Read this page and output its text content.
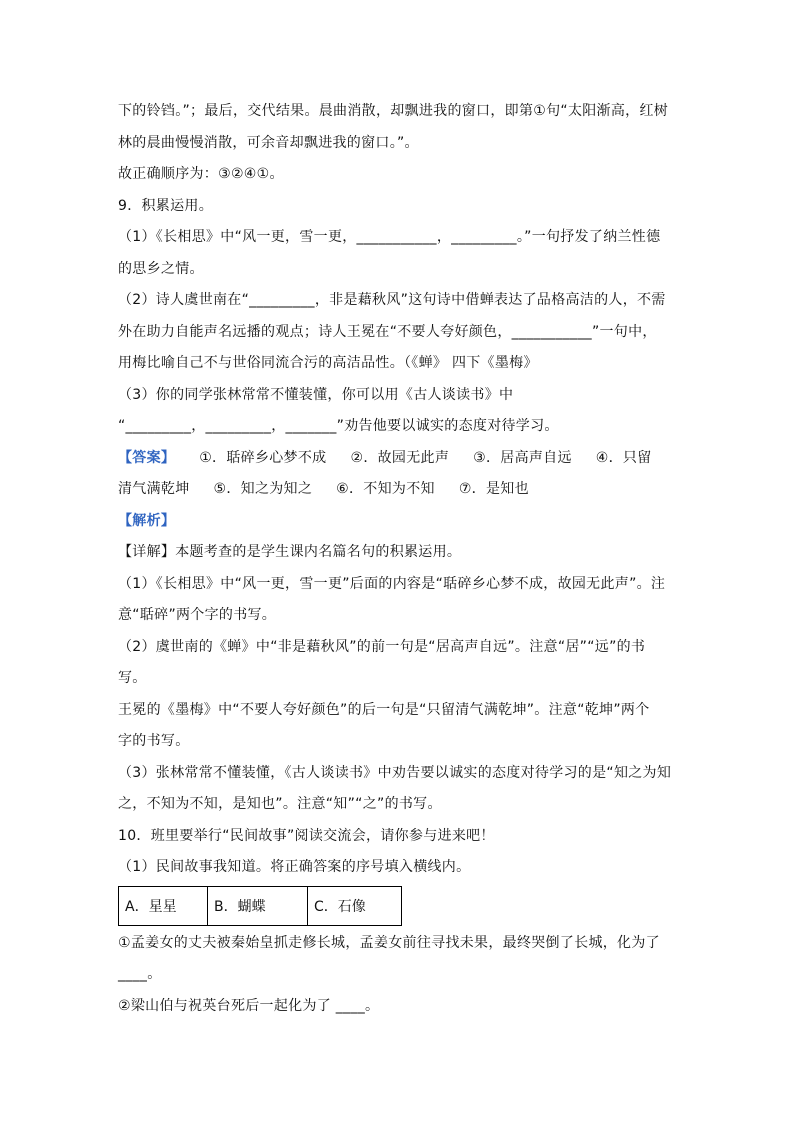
下的铃铛。”；最后，交代结果。晨曲消散，却飘进我的窗口，即第①句“太阳渐高，红树
林的晨曲慢慢消散，可余音却飘进我的窗口。”。
故正确顺序为：③②④①。
9．积累运用。
（1）《长相思》中“风一更，雪一更，___________，_________。”一句抒发了纳兰性德
的思乡之情。
（2）诗人虞世南在“_________，非是藉秋风”这句诗中借蝉表达了品格高洁的人，不需
外在助力自能声名远播的观点；诗人王冕在“不要人夸好颜色，___________”一句中，
用梅比喻自己不与世俗同流合污的高洁品性。（《蝉》 四下《墨梅》
（3）你的同学张林常常不懂装懂，你可以用《古人谈读书》中
“_________，_________，_______”劝告他要以诚实的态度对待学习。
【答案】 ①．聒碎乡心梦不成 ②．故园无此声 ③．居高声自远 ④．只留
清气满乾坤 ⑤．知之为知之 ⑥．不知为不知 ⑦．是知也
【解析】
【详解】本题考查的是学生课内名篇名句的积累运用。
（1）《长相思》中“风一更，雪一更”后面的内容是“聒碎乡心梦不成，故园无此声”。注
意“聒碎”两个字的书写。
（2）虞世南的《蝉》中“非是藉秋风”的前一句是“居高声自远”。注意“居”“远”的书
写。
王冕的《墨梅》中“不要人夸好颜色”的后一句是“只留清气满乾坤”。注意“乾坤”两个
字的书写。
（3）张林常常不懂装懂，《古人谈读书》中劝告要以诚实的态度对待学习的是“知之为知
之，不知为不知，是知也”。注意“知”“之”的书写。
10．班里要举行“民间故事”阅读交流会，请你参与进来吧！
（1）民间故事我知道。将正确答案的序号填入横线内。
A．星星	B．蝴蝶	C．石像
①孟姜女的丈夫被秦始皇抓走修长城，孟姜女前往寻找未果，最终哭倒了长城，化为了
____。
②梁山伯与祝英台死后一起化为了 ____。
